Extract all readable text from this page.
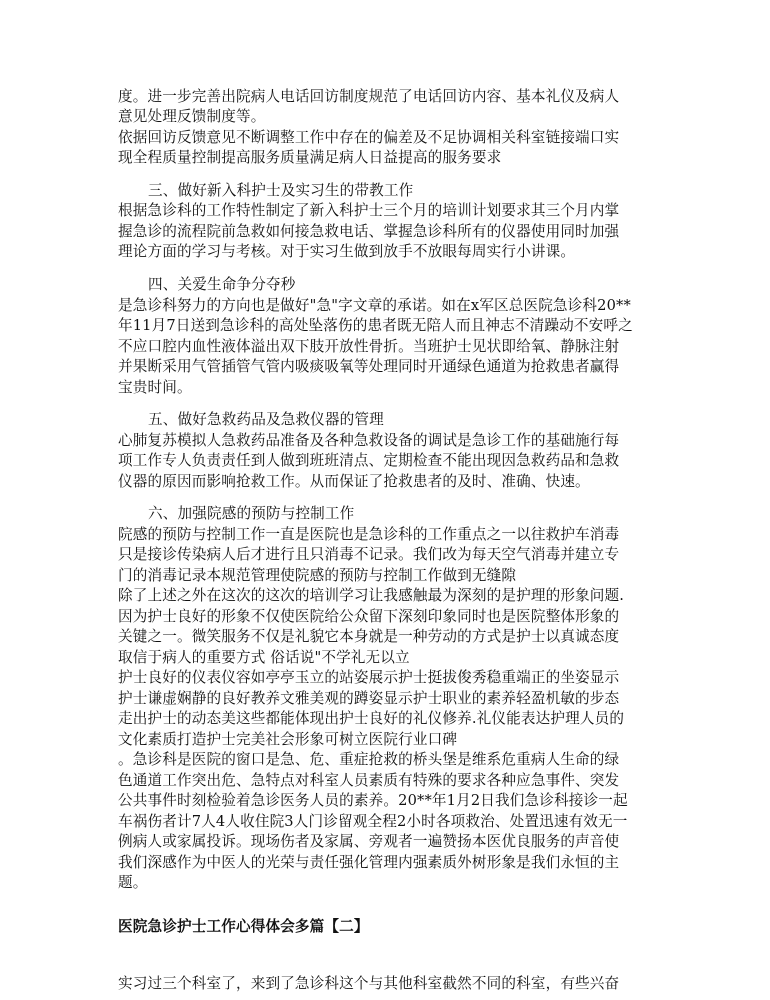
度。进一步完善出院病人电话回访制度规范了电话回访内容、基本礼仪及病人
意见处理反馈制度等。
依据回访反馈意见不断调整工作中存在的偏差及不足协调相关科室链接端口实
现全程质量控制提高服务质量满足病人日益提高的服务要求
三、做好新入科护士及实习生的带教工作
根据急诊科的工作特性制定了新入科护士三个月的培训计划要求其三个月内掌
握急诊的流程院前急救如何接急救电话、掌握急诊科所有的仪器使用同时加强
理论方面的学习与考核。对于实习生做到放手不放眼每周实行小讲课。
四、关爱生命争分夺秒
是急诊科努力的方向也是做好"急"字文章的承诺。如在x军区总医院急诊科20**
年11月7日送到急诊科的高处坠落伤的患者既无陪人而且神志不清躁动不安呼之
不应口腔内血性液体溢出双下肢开放性骨折。当班护士见状即给氧、静脉注射
并果断采用气管插管气管内吸痰吸氧等处理同时开通绿色通道为抢救患者赢得
宝贵时间。
五、做好急救药品及急救仪器的管理
心肺复苏模拟人急救药品准备及各种急救设备的调试是急诊工作的基础施行每
项工作专人负责责任到人做到班班清点、定期检查不能出现因急救药品和急救
仪器的原因而影响抢救工作。从而保证了抢救患者的及时、准确、快速。
六、加强院感的预防与控制工作
院感的预防与控制工作一直是医院也是急诊科的工作重点之一以往救护车消毒
只是接诊传染病人后才进行且只消毒不记录。我们改为每天空气消毒并建立专
门的消毒记录本规范管理使院感的预防与控制工作做到无缝隙
除了上述之外在这次的这次的培训学习让我感触最为深刻的是护理的形象问题.
因为护士良好的形象不仅使医院给公众留下深刻印象同时也是医院整体形象的
关键之一。微笑服务不仅是礼貌它本身就是一种劳动的方式是护士以真诚态度
取信于病人的重要方式 俗话说"不学礼无以立
护士良好的仪表仪容如亭亭玉立的站姿展示护士挺拔俊秀稳重端正的坐姿显示
护士谦虚娴静的良好教养文雅美观的蹲姿显示护士职业的素养轻盈机敏的步态
走出护士的动态美这些都能体现出护士良好的礼仪修养.礼仪能表达护理人员的
文化素质打造护士完美社会形象可树立医院行业口碑
。急诊科是医院的窗口是急、危、重症抢救的桥头堡是维系危重病人生命的绿
色通道工作突出危、急特点对科室人员素质有特殊的要求各种应急事件、突发
公共事件时刻检验着急诊医务人员的素养。20**年1月2日我们急诊科接诊一起
车祸伤者计7人4人收住院3人门诊留观全程2小时各项救治、处置迅速有效无一
例病人或家属投诉。现场伤者及家属、旁观者一遍赞扬本医优良服务的声音使
我们深感作为中医人的光荣与责任强化管理内强素质外树形象是我们永恒的主
题。
医院急诊护士工作心得体会多篇【二】
实习过三个科室了，来到了急诊科这个与其他科室截然不同的科室，有些兴奋
